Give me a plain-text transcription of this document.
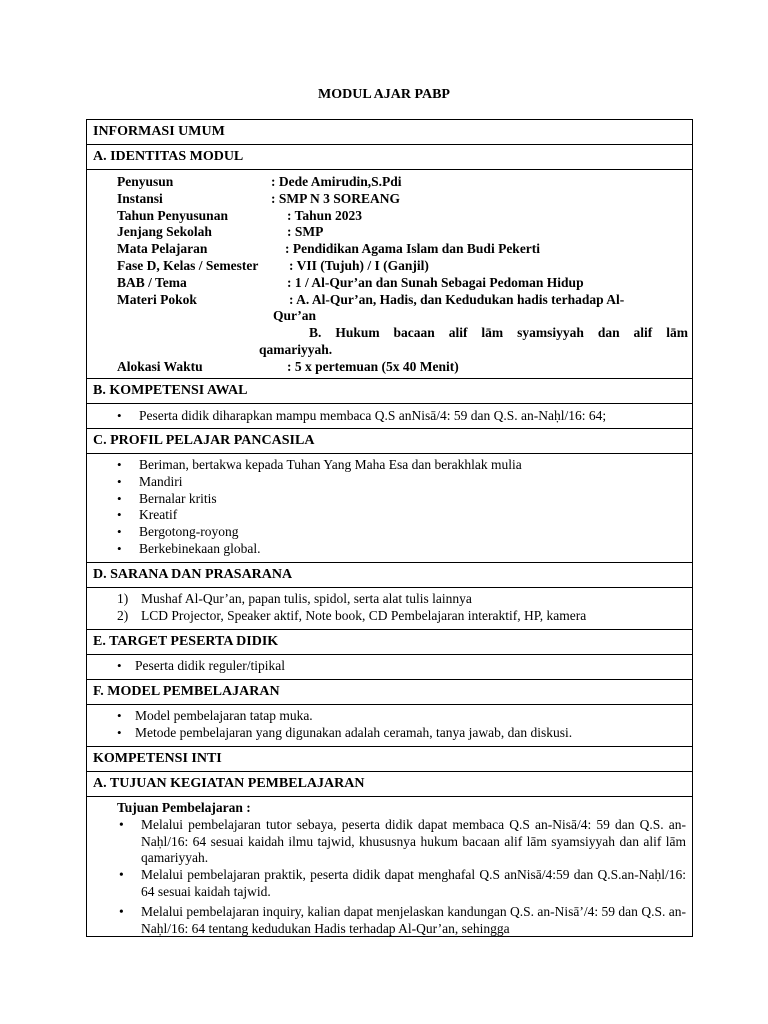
MODUL AJAR PABP
INFORMASI UMUM
A. IDENTITAS MODUL
Penyusun	: Dede Amirudin,S.Pdi
Instansi	: SMP N 3 SOREANG
Tahun Penyusunan	: Tahun 2023
Jenjang Sekolah	: SMP
Mata Pelajaran	: Pendidikan Agama Islam dan Budi Pekerti
Fase D, Kelas / Semester : VII (Tujuh) / I (Ganjil)
BAB / Tema	: 1 / Al-Qur’an dan Sunah Sebagai Pedoman Hidup
Materi Pokok	: A. Al-Qur’an, Hadis, dan Kedudukan hadis terhadap Al-
Qur’an
B. Hukum bacaan alif lām syamsiyyah dan alif lām
qamariyyah.
Alokasi Waktu	: 5 x pertemuan (5x 40 Menit)
B. KOMPETENSI AWAL
• Peserta didik diharapkan mampu membaca Q.S anNisā/4: 59 dan Q.S. an-Naḥl/16: 64;
C. PROFIL PELAJAR PANCASILA
• Beriman, bertakwa kepada Tuhan Yang Maha Esa dan berakhlak mulia
• Mandiri
• Bernalar kritis
• Kreatif
• Bergotong-royong
• Berkebinekaan global.
D. SARANA DAN PRASARANA
1) Mushaf Al-Qur’an, papan tulis, spidol, serta alat tulis lainnya
2) LCD Projector, Speaker aktif, Note book, CD Pembelajaran interaktif, HP, kamera
E. TARGET PESERTA DIDIK
• Peserta didik reguler/tipikal
F. MODEL PEMBELAJARAN
• Model pembelajaran tatap muka.
• Metode pembelajaran yang digunakan adalah ceramah, tanya jawab, dan diskusi.
KOMPETENSI INTI
A. TUJUAN KEGIATAN PEMBELAJARAN
Tujuan Pembelajaran :
• Melalui pembelajaran tutor sebaya, peserta didik dapat membaca Q.S an-Nisā/4: 59 dan Q.S. an-Naḥl/16: 64 sesuai kaidah ilmu tajwid, khususnya hukum bacaan alif lām syamsiyyah dan alif lām qamariyyah.
• Melalui pembelajaran praktik, peserta didik dapat menghafal Q.S anNisā/4:59 dan Q.S.an-Naḥl/16: 64 sesuai kaidah tajwid.
• Melalui pembelajaran inquiry, kalian dapat menjelaskan kandungan Q.S. an-Nisā’/4: 59 dan Q.S. an-Naḥl/16: 64 tentang kedudukan Hadis terhadap Al-Qur’an, sehingga
